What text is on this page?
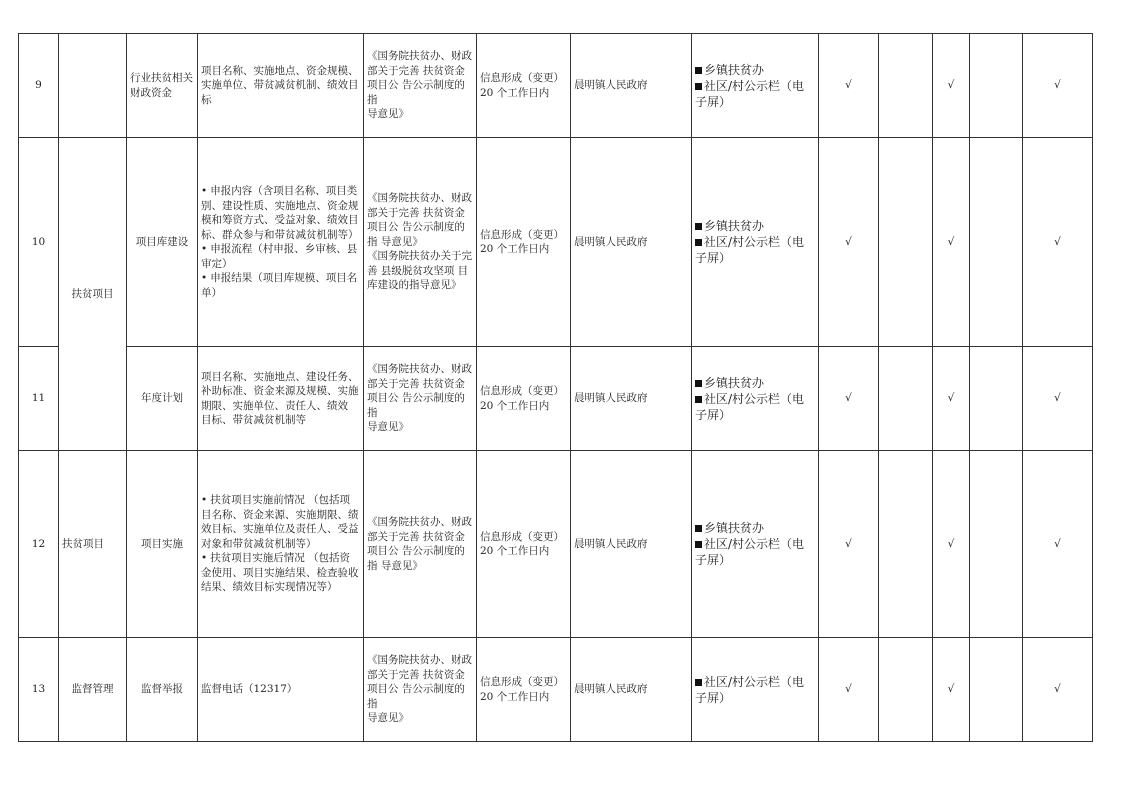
9		行业扶贫相关财政资金	项目名称、实施地点、资金规模、实施单位、带贫减贫机制、绩效目标	《国务院扶贫办、财政部关于完善 扶贫资金项目公 告公示制度的指
导意见》	信息形成（变更） 20 个工作日内	晨明镇人民政府	乡镇扶贫办
社区/村公示栏（电子屏）	√		√		√
10	扶贫项目	项目库建设	• 申报内容（含项目名称、项目类别、建设性质、实施地点、资金规模和筹资方式、受益对象、绩效目标、群众参与和带贫减贫机制等）
• 申报流程（村申报、乡审核、县审定）
• 申报结果（项目库规模、项目名单）	《国务院扶贫办、财政部关于完善 扶贫资金项目公 告公示制度的指 导意见》
《国务院扶贫办关于完善 县级脱贫攻坚项 目库建设的指导意见》	信息形成（变更） 20 个工作日内	晨明镇人民政府	乡镇扶贫办
社区/村公示栏（电子屏）	√		√		√
11		年度计划	项目名称、实施地点、建设任务、补助标准、资金来源及规模、实施期限、实施单位、责任人、绩效
目标、带贫减贫机制等	《国务院扶贫办、财政部关于完善 扶贫资金项目公 告公示制度的指
导意见》	信息形成（变更） 20 个工作日内	晨明镇人民政府	乡镇扶贫办
社区/村公示栏（电子屏）	√		√		√
12	扶贫项目	项目实施	• 扶贫项目实施前情况 （包括项目名称、资金来源、实施期限、绩效目标、实施单位及责任人、受益对象和带贫减贫机制等）
• 扶贫项目实施后情况 （包括资金使用、项目实施结果、检查验收结果、绩效目标实现情况等）	《国务院扶贫办、财政部关于完善 扶贫资金项目公 告公示制度的指 导意见》	信息形成（变更） 20 个工作日内	晨明镇人民政府	乡镇扶贫办
社区/村公示栏（电子屏）	√		√		√
13	监督管理	监督举报	监督电话（12317）	《国务院扶贫办、财政部关于完善 扶贫资金项目公 告公示制度的指
导意见》	信息形成（变更） 20 个工作日内	晨明镇人民政府	社区/村公示栏（电子屏）	√		√		√
